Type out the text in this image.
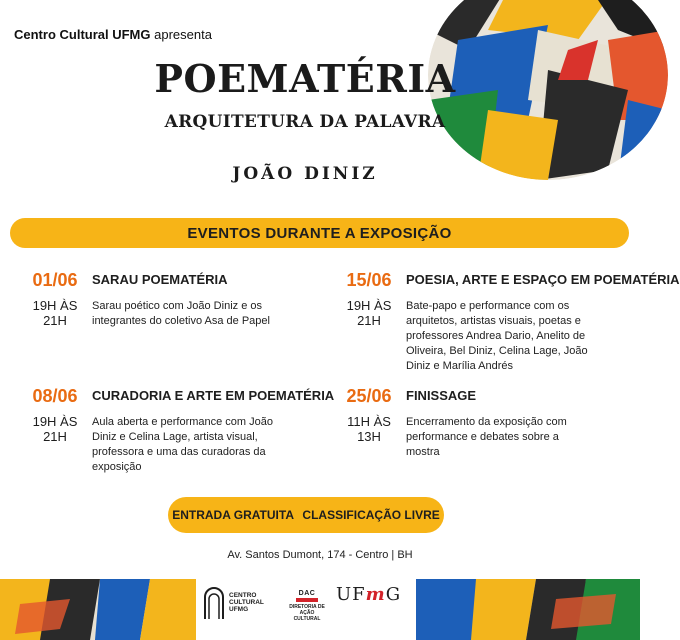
Centro Cultural UFMG apresenta
POEMATÉRIA
ARQUITETURA DA PALAVRA
JOÃO DINIZ
EVENTOS DURANTE A EXPOSIÇÃO
01/06
19H ÀS 21H
SARAU POEMATÉRIA
Sarau poético com João Diniz e os
integrantes do coletivo Asa de Papel
15/06
19H ÀS 21H
POESIA, ARTE E ESPAÇO EM POEMATÉRIA
Bate-papo e performance com os
arquitetos, artistas visuais, poetas e
professores Andrea Dario, Anelito de
Oliveira, Bel Diniz, Celina Lage, João
Diniz e Marília Andrés
08/06
19H ÀS 21H
CURADORIA E ARTE EM POEMATÉRIA
Aula aberta e performance com João
Diniz e Celina Lage, artista visual,
professora e uma das curadoras da
exposição
25/06
11H ÀS 13H
FINISSAGE
Encerramento da exposição com
performance e debates sobre a
mostra
ENTRADA GRATUITA CLASSIFICAÇÃO LIVRE
Av. Santos Dumont, 174 - Centro | BH
CENTRO
CULTURAL
UFMG
DAC
DIRETORIA DE
AÇÃO CULTURAL
UFmG
